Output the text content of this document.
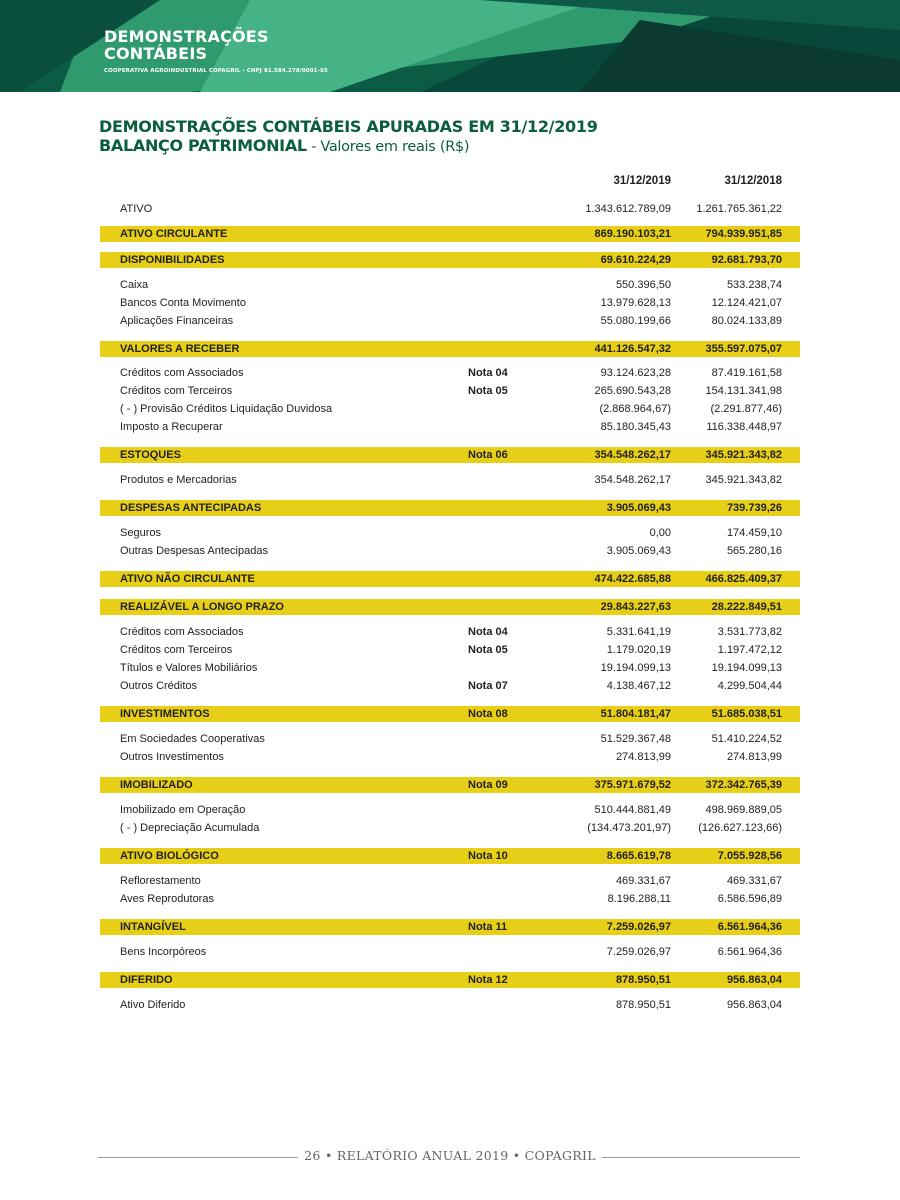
DEMONSTRAÇÕES
CONTÁBEIS
COOPERATIVA AGROINDUSTRIAL COPAGRIL - CNPJ 81.584.278/0001-55
DEMONSTRAÇÕES CONTÁBEIS APURADAS EM 31/12/2019
BALANÇO PATRIMONIAL - Valores em reais (R$)
31/12/2019	31/12/2018
ATIVO	1.343.612.789,09 1.261.765.361,22
ATIVO CIRCULANTE	869.190.103,21	794.939.951,85
DISPONIBILIDADES	69.610.224,29	92.681.793,70
Caixa	550.396,50	533.238,74
Bancos Conta Movimento	13.979.628,13	12.124.421,07
Aplicações Financeiras	55.080.199,66	80.024.133,89
VALORES A RECEBER	441.126.547,32	355.597.075,07
Créditos com Associados	Nota 04	93.124.623,28	87.419.161,58
Créditos com Terceiros	Nota 05	265.690.543,28	154.131.341,98
( - ) Provisão Créditos Liquidação Duvidosa	(2.868.964,67)	(2.291.877,46)
Imposto a Recuperar	85.180.345,43	116.338.448,97
ESTOQUES	Nota 06	354.548.262,17	345.921.343,82
Produtos e Mercadorias	354.548.262,17	345.921.343,82
DESPESAS ANTECIPADAS	3.905.069,43	739.739,26
Seguros	0,00	174.459,10
Outras Despesas Antecipadas	3.905.069,43	565.280,16
ATIVO NÃO CIRCULANTE	474.422.685,88	466.825.409,37
REALIZÁVEL A LONGO PRAZO	29.843.227,63	28.222.849,51
Créditos com Associados	Nota 04	5.331.641,19	3.531.773,82
Créditos com Terceiros	Nota 05	1.179.020,19	1.197.472,12
Títulos e Valores Mobiliários	19.194.099,13	19.194.099,13
Outros Créditos	Nota 07	4.138.467,12	4.299.504,44
INVESTIMENTOS	Nota 08	51.804.181,47	51.685.038,51
Em Sociedades Cooperativas	51.529.367,48	51.410.224,52
Outros Investimentos	274.813,99	274.813,99
IMOBILIZADO	Nota 09	375.971.679,52	372.342.765,39
Imobilizado em Operação	510.444.881,49	498.969.889,05
( - ) Depreciação Acumulada	(134.473.201,97) (126.627.123,66)
ATIVO BIOLÓGICO	Nota 10	8.665.619,78	7.055.928,56
Reflorestamento	469.331,67	469.331,67
Aves Reprodutoras	8.196.288,11	6.586.596,89
INTANGÍVEL	Nota 11	7.259.026,97	6.561.964,36
Bens Incorpóreos	7.259.026,97	6.561.964,36
DIFERIDO	Nota 12	878.950,51	956.863,04
Ativo Diferido	878.950,51	956.863,04
26 • RELATÓRIO ANUAL 2019 • COPAGRIL
